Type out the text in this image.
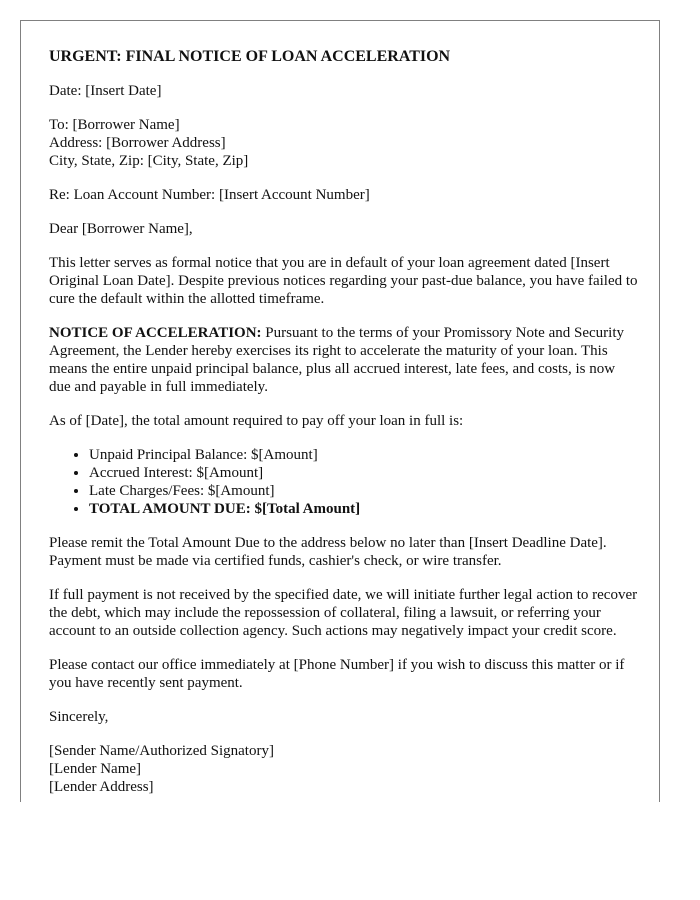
URGENT: FINAL NOTICE OF LOAN ACCELERATION

Date: [Insert Date]

To: [Borrower Name]
Address: [Borrower Address]
City, State, Zip: [City, State, Zip]

Re: Loan Account Number: [Insert Account Number]

Dear [Borrower Name],

This letter serves as formal notice that you are in default of your loan agreement dated [Insert Original Loan Date]. Despite previous notices regarding your past-due balance, you have failed to cure the default within the allotted timeframe.

NOTICE OF ACCELERATION: Pursuant to the terms of your Promissory Note and Security Agreement, the Lender hereby exercises its right to accelerate the maturity of your loan. This means the entire unpaid principal balance, plus all accrued interest, late fees, and costs, is now due and payable in full immediately.

As of [Date], the total amount required to pay off your loan in full is:

• Unpaid Principal Balance: $[Amount]
• Accrued Interest: $[Amount]
• Late Charges/Fees: $[Amount]
• TOTAL AMOUNT DUE: $[Total Amount]

Please remit the Total Amount Due to the address below no later than [Insert Deadline Date]. Payment must be made via certified funds, cashier's check, or wire transfer.

If full payment is not received by the specified date, we will initiate further legal action to recover the debt, which may include the repossession of collateral, filing a lawsuit, or referring your account to an outside collection agency. Such actions may negatively impact your credit score.

Please contact our office immediately at [Phone Number] if you wish to discuss this matter or if you have recently sent payment.

Sincerely,

[Sender Name/Authorized Signatory]
[Lender Name]
[Lender Address]
